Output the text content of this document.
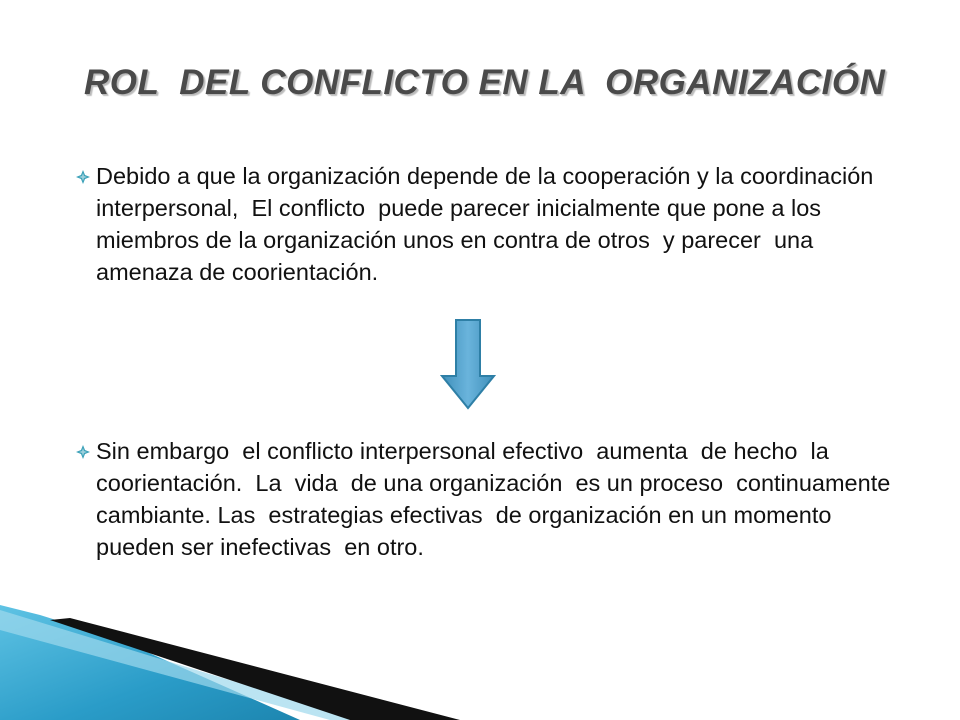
ROL  DEL CONFLICTO EN LA  ORGANIZACIÓN
Debido a que la organización depende de la cooperación y la coordinación  interpersonal,  El conflicto  puede parecer inicialmente que pone a los miembros de la organización unos en contra de otros  y parecer  una amenaza de coorientación.
Sin embargo  el conflicto interpersonal efectivo  aumenta  de hecho  la coorientación.  La  vida  de una organización  es un proceso  continuamente  cambiante. Las  estrategias efectivas  de organización en un momento pueden ser inefectivas  en otro.
